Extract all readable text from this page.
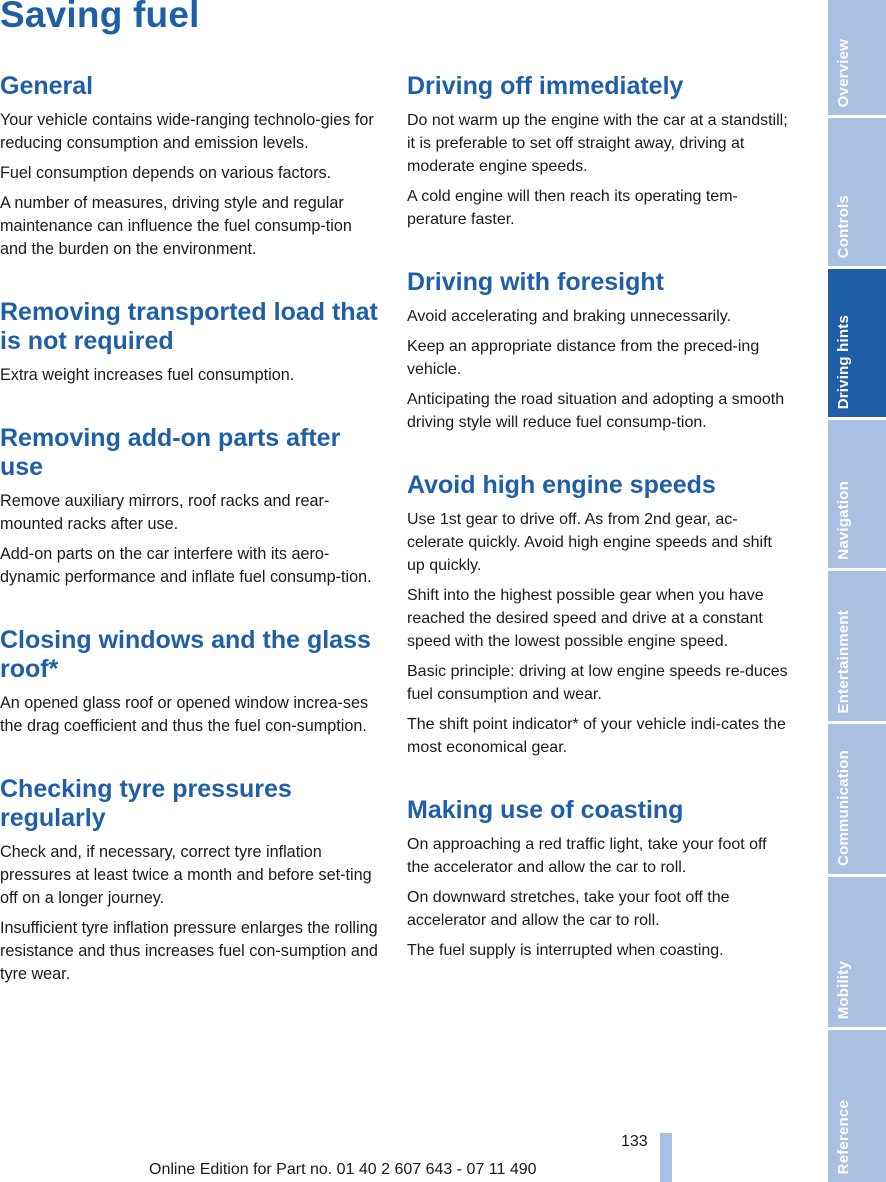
Saving fuel
General

Your vehicle contains wide-ranging technolo-gies for reducing consumption and emission levels.

Fuel consumption depends on various factors.

A number of measures, driving style and regular maintenance can influence the fuel consump-tion and the burden on the environment.

Removing transported load that is not required

Extra weight increases fuel consumption.

Removing add-on parts after use

Remove auxiliary mirrors, roof racks and rear-mounted racks after use.

Add-on parts on the car interfere with its aero-dynamic performance and inflate fuel consump-tion.

Closing windows and the glass roof*

An opened glass roof or opened window increa-ses the drag coefficient and thus the fuel con-sumption.

Checking tyre pressures regularly

Check and, if necessary, correct tyre inflation pressures at least twice a month and before set-ting off on a longer journey.

Insufficient tyre inflation pressure enlarges the rolling resistance and thus increases fuel con-sumption and tyre wear.

Driving off immediately

Do not warm up the engine with the car at a standstill; it is preferable to set off straight away, driving at moderate engine speeds.

A cold engine will then reach its operating tem-perature faster.

Driving with foresight

Avoid accelerating and braking unnecessarily.

Keep an appropriate distance from the preced-ing vehicle.

Anticipating the road situation and adopting a smooth driving style will reduce fuel consump-tion.

Avoid high engine speeds

Use 1st gear to drive off. As from 2nd gear, ac-celerate quickly. Avoid high engine speeds and shift up quickly.

Shift into the highest possible gear when you have reached the desired speed and drive at a constant speed with the lowest possible engine speed.

Basic principle: driving at low engine speeds re-duces fuel consumption and wear.

The shift point indicator* of your vehicle indi-cates the most economical gear.

Making use of coasting

On approaching a red traffic light, take your foot off the accelerator and allow the car to roll.

On downward stretches, take your foot off the accelerator and allow the car to roll.

The fuel supply is interrupted when coasting.

Overview
Controls
Driving hints
Navigation
Entertainment
Communication
Mobility
Reference
133
Online Edition for Part no. 01 40 2 607 643 - 07 11 490
